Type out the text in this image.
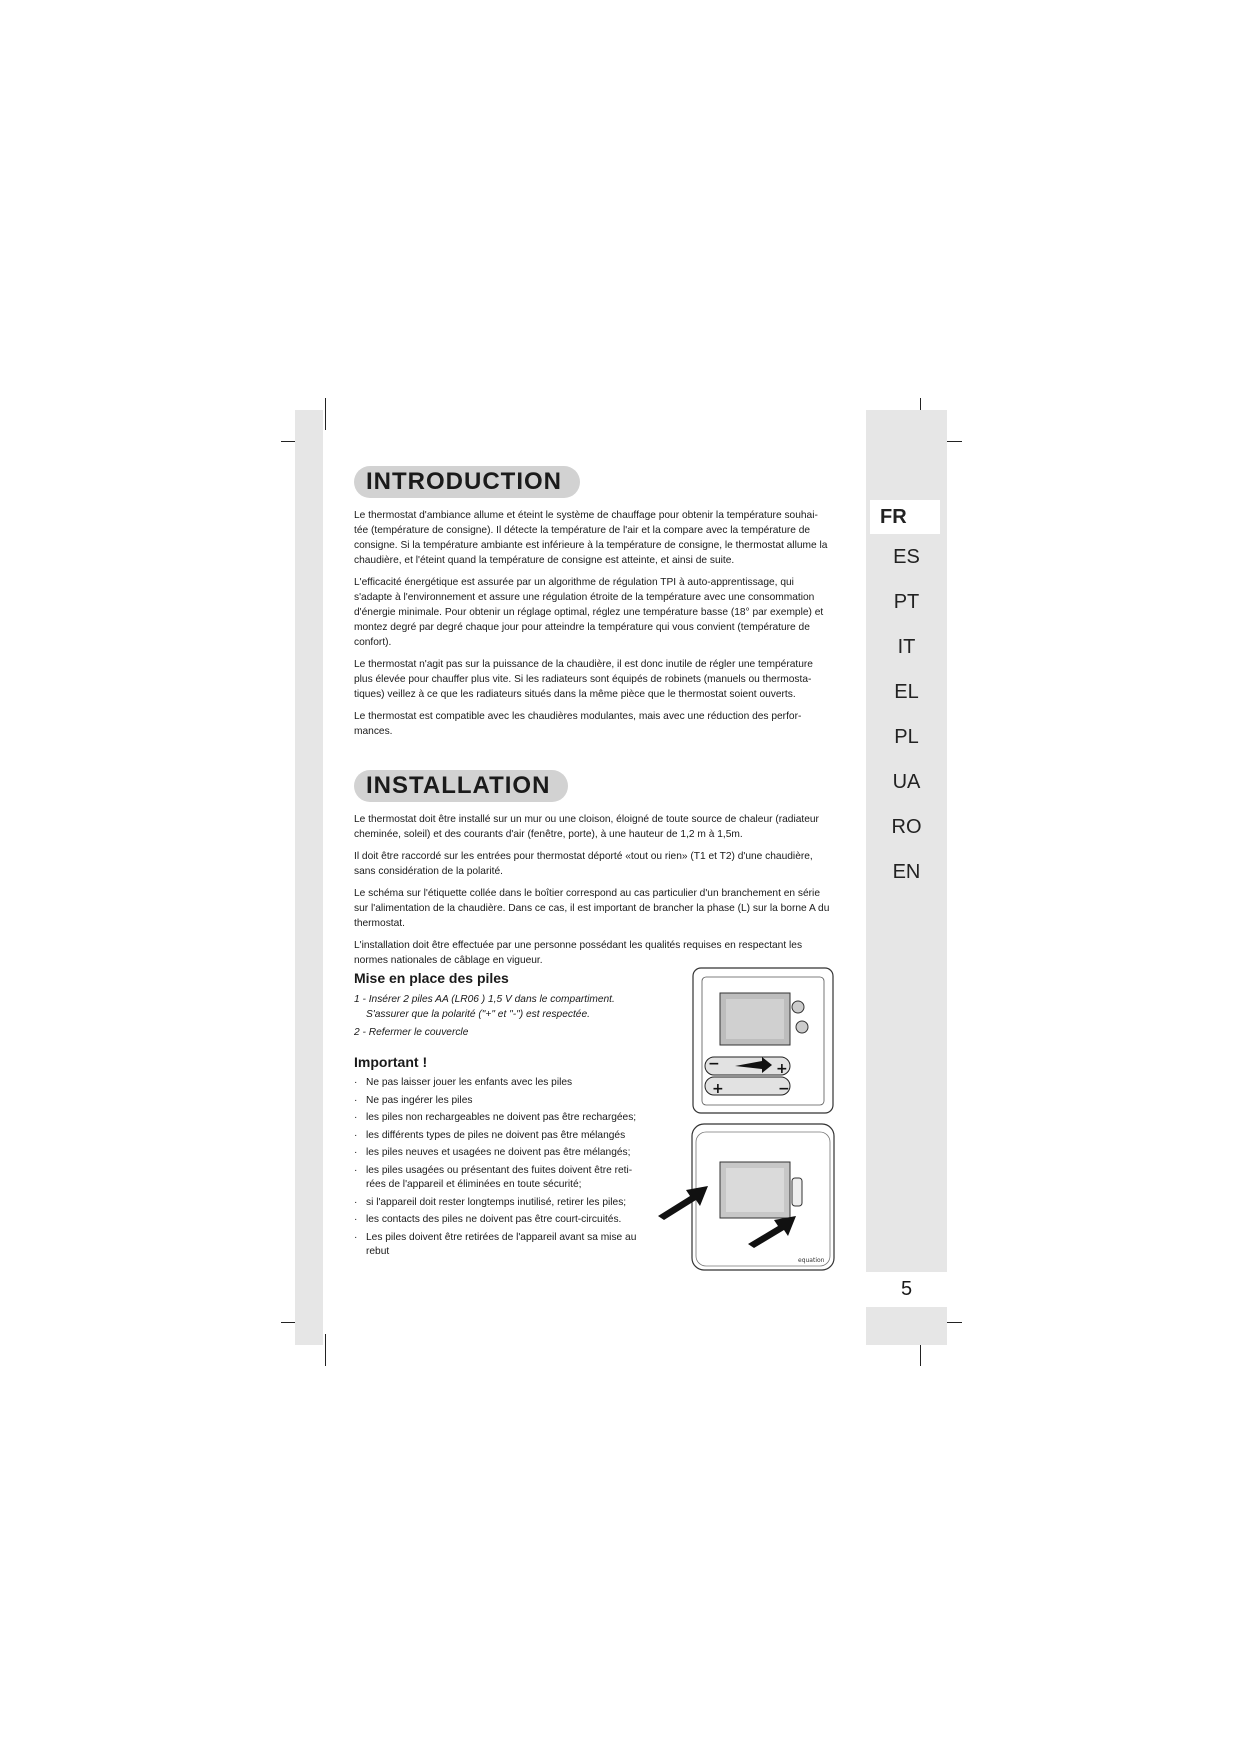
FR
ES
PT
IT
EL
PL
UA
RO
EN
5
INTRODUCTION

Le thermostat d'ambiance allume et éteint le système de chauffage pour obtenir la température souhai-tée (température de consigne). Il détecte la température de l'air et la compare avec la température de consigne. Si la température ambiante est inférieure à la température de consigne, le thermostat allume la chaudière, et l'éteint quand la température de consigne est atteinte, et ainsi de suite.

L'efficacité énergétique est assurée par un algorithme de régulation TPI à auto-apprentissage, qui s'adapte à l'environnement et assure une régulation étroite de la température avec une consommation d'énergie minimale. Pour obtenir un réglage optimal, réglez une température basse (18° par exemple) et montez degré par degré chaque jour pour atteindre la température qui vous convient (température de confort).

Le thermostat n'agit pas sur la puissance de la chaudière, il est donc inutile de régler une température plus élevée pour chauffer plus vite. Si les radiateurs sont équipés de robinets (manuels ou thermosta-tiques) veillez à ce que les radiateurs situés dans la même pièce que le thermostat soient ouverts.

Le thermostat est compatible avec les chaudières modulantes, mais avec une réduction des perfor-mances.

INSTALLATION

Le thermostat doit être installé sur un mur ou une cloison, éloigné de toute source de chaleur (radiateur cheminée, soleil) et des courants d'air (fenêtre, porte), à une hauteur de 1,2 m à 1,5m.

Il doit être raccordé sur les entrées pour thermostat déporté «tout ou rien» (T1 et T2) d'une chaudière, sans considération de la polarité.

Le schéma sur l'étiquette collée dans le boîtier correspond au cas particulier d'un branchement en série sur l'alimentation de la chaudière. Dans ce cas, il est important de brancher la phase (L) sur la borne A du thermostat.

L'installation doit être effectuée par une personne possédant les qualités requises en respectant les normes nationales de câblage en vigueur.

Mise en place des piles
1 - Insérer 2 piles AA (LR06 ) 1,5 V dans le compartiment. S'assurer que la polarité ("+" et "-") est respectée.
2 - Refermer le couvercle
Important !
· Ne pas laisser jouer les enfants avec les piles
· Ne pas ingérer les piles
· les piles non rechargeables ne doivent pas être rechargées;
· les différents types de piles ne doivent pas être mélangés
· les piles neuves et usagées ne doivent pas être mélangés;
· les piles usagées ou présentant des fuites doivent être reti-rées de l'appareil et éliminées en toute sécurité;
· si l'appareil doit rester longtemps inutilisé, retirer les piles;
· les contacts des piles ne doivent pas être court-circuités.
· Les piles doivent être retirées de l'appareil avant sa mise au rebut
+
+
−
−
equation
